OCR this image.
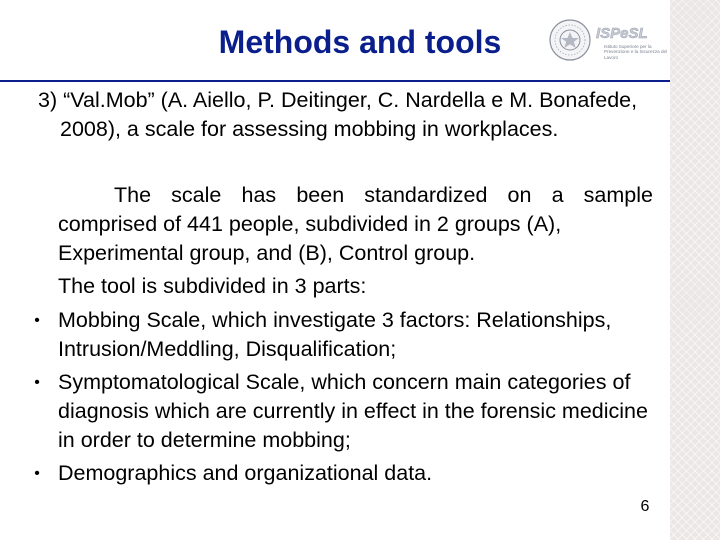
Methods and tools	ISPeSL
Istituto Superiore per la Prevenzione e la Sicurezza del Lavoro
3) “Val.Mob” (A. Aiello, P. Deitinger, C. Nardella e M. Bonafede, 2008), a scale for assessing mobbing in workplaces.
The scale has been standardized on a sample comprised of 441 people, subdivided in 2 groups (A),
Experimental group, and (B), Control group.
The tool is subdivided in 3 parts:
• Mobbing Scale, which investigate 3 factors: Relationships, Intrusion/Meddling, Disqualification;
• Symptomatological Scale, which concern main categories of diagnosis which are currently in effect in the forensic medicine in order to determine mobbing;
• Demographics and organizational data.
6
